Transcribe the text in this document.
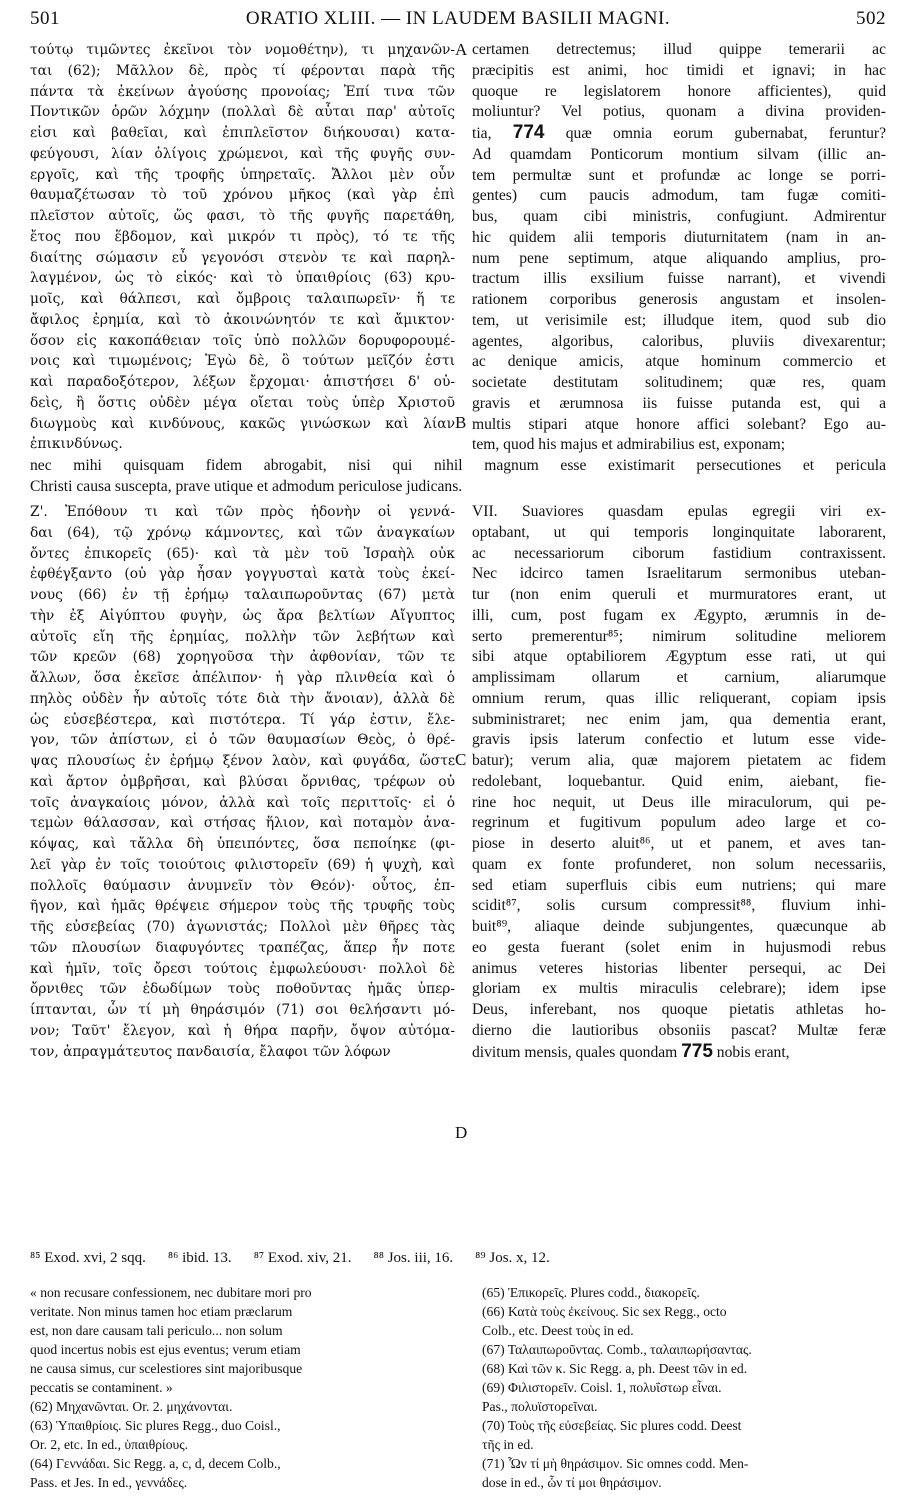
501	ORATIO XLIII. — IN LAUDEM BASILII MAGNI.	502
τούτῳ τιμῶντες ἐκεῖνοι τὸν νομοθέτην), τι μηχανῶν-
ται (62); Μᾶλλον δὲ, πρὸς τί φέρονται παρὰ τῆς
πάντα τὰ ἐκείνων ἀγούσης προνοίας; Ἐπί τινα τῶν
Ποντικῶν ὀρῶν λόχμην (πολλαὶ δὲ αὗται παρ' αὐτοῖς
εἰσι καὶ βαθεῖαι, καὶ ἐπιπλεῖστον διήκουσαι) κατα-
φεύγουσι, λίαν ὀλίγοις χρώμενοι, καὶ τῆς φυγῆς συν-
εργοῖς, καὶ τῆς τροφῆς ὑπηρεταῖς. Ἄλλοι μὲν οὖν
θαυμαζέτωσαν τὸ τοῦ χρόνου μῆκος (καὶ γὰρ ἐπὶ
πλεῖστον αὐτοῖς, ὥς φασι, τὸ τῆς φυγῆς παρετάθη,
ἔτος που ἕβδομον, καὶ μικρόν τι πρὸς), τό τε τῆς
διαίτης σώμασιν εὖ γεγονόσι στενὸν τε καὶ παρηλ-
λαγμένον, ὡς τὸ εἰκός· καὶ τὸ ὑπαιθρίοις (63) κρυ-
μοῖς, καὶ θάλπεσι, καὶ ὄμβροις ταλαιπωρεῖν· ἥ τε
ἄφιλος ἐρημία, καὶ τὸ ἀκοινώνητόν τε καὶ ἄμικτον·
ὅσον εἰς κακοπάθειαν τοῖς ὑπὸ πολλῶν δορυφορουμέ-
νοις καὶ τιμωμένοις; Ἐγὼ δὲ, ὃ τούτων μεῖζόν ἐστι
καὶ παραδοξότερον, λέξων ἔρχομαι· ἀπιστήσει δ' οὐ-
δεὶς, ἢ ὅστις οὐδὲν μέγα οἴεται τοὺς ὑπὲρ Χριστοῦ
διωγμοὺς καὶ κινδύνους, κακῶς γινώσκων καὶ λίαν
ἐπικινδύνως.
certamen detrectemus; illud quippe temerarii ac
præcipitis est animi, hoc timidi et ignavi; in hac
quoque re legislatorem honore afficientes), quid
moliuntur? Vel potius, quonam a divina providen-
tia, 774 quæ omnia eorum gubernabat, feruntur?
Ad quamdam Ponticorum montium silvam (illic an-
tem permultæ sunt et profundæ ac longe se porri-
gentes) cum paucis admodum, tam fugæ comiti-
bus, quam cibi ministris, confugiunt. Admirentur
hic quidem alii temporis diuturnitatem (nam in an-
num pene septimum, atque aliquando amplius, pro-
tractum illis exsilium fuisse narrant), et vivendi
rationem corporibus generosis angustam et insolen-
tem, ut verisimile est; illudque item, quod sub dio
agentes, algoribus, caloribus, pluviis divexarentur;
ac denique amicis, atque hominum commercio et
societate destitutam solitudinem; quæ res, quam
gravis et ærumnosa iis fuisse putanda est, qui a
multis stipari atque honore affici solebant? Ego au-
tem, quod his majus et admirabilius est, exponam;
A
B
nec mihi quisquam fidem abrogabit, nisi qui nihil magnum esse existimarit persecutiones et pericula
Christi causa suscepta, prave utique et admodum periculose judicans.
Ζ'. Ἐπόθουν τι καὶ τῶν πρὸς ἡδονὴν οἱ γεννά-
δαι (64), τῷ χρόνῳ κάμνοντες, καὶ τῶν ἀναγκαίων
ὄντες ἐπικορεῖς (65)· καὶ τὰ μὲν τοῦ Ἰσραὴλ οὐκ
ἐφθέγξαντο (οὐ γὰρ ἦσαν γογγυσταὶ κατὰ τοὺς ἐκεί-
νους (66) ἐν τῇ ἐρήμῳ ταλαιπωροῦντας (67) μετὰ
τὴν ἐξ Αἰγύπτου φυγὴν, ὡς ἄρα βελτίων Αἴγυπτος
αὐτοῖς εἴη τῆς ἐρημίας, πολλὴν τῶν λεβήτων καὶ
τῶν κρεῶν (68) χορηγοῦσα τὴν ἀφθονίαν, τῶν τε
ἄλλων, ὅσα ἐκεῖσε ἀπέλιπον· ἡ γὰρ πλινθεία καὶ ὁ
πηλὸς οὐδὲν ἦν αὐτοῖς τότε διὰ τὴν ἄνοιαν), ἀλλὰ δὲ
ὡς εὐσεβέστερα, καὶ πιστότερα. Τί γάρ ἐστιν, ἔλε-
γον, τῶν ἀπίστων, εἰ ὁ τῶν θαυμασίων Θεὸς, ὁ θρέ-
ψας πλουσίως ἐν ἐρήμῳ ξένον λαὸν, καὶ φυγάδα, ὥστε
καὶ ἄρτον ὀμβρῆσαι, καὶ βλύσαι ὄρνιθας, τρέφων οὐ
τοῖς ἀναγκαίοις μόνον, ἀλλὰ καὶ τοῖς περιττοῖς· εἰ ὁ
τεμὼν θάλασσαν, καὶ στήσας ἥλιον, καὶ ποταμὸν ἀνα-
κόψας, καὶ τἄλλα δὴ ὑπειπόντες, ὅσα πεποίηκε (φι-
λεῖ γὰρ ἐν τοῖς τοιούτοις φιλιστορεῖν (69) ἡ ψυχὴ, καὶ
πολλοῖς θαύμασιν ἀνυμνεῖν τὸν Θεόν)· οὗτος, ἐπ-
ῆγον, καὶ ἡμᾶς θρέψειε σήμερον τοὺς τῆς τρυφῆς τοὺς
τῆς εὐσεβείας (70) ἀγωνιστάς; Πολλοὶ μὲν θῆρες τὰς
τῶν πλουσίων διαφυγόντες τραπέζας, ἅπερ ἦν ποτε
καὶ ἡμῖν, τοῖς ὄρεσι τούτοις ἐμφωλεύουσι· πολλοὶ δὲ
ὄρνιθες τῶν ἐδωδίμων τοὺς ποθοῦντας ἡμᾶς ὑπερ-
ίπτανται, ὧν τί μὴ θηράσιμόν (71) σοι θελήσαντι μό-
νον; Ταῦτ' ἔλεγον, καὶ ἡ θήρα παρῆν, ὄψον αὐτόμα-
τον, ἀπραγμάτευτος πανδαισία, ἔλαφοι τῶν λόφων
VII. Suaviores quasdam epulas egregii viri ex-
optabant, ut qui temporis longinquitate laborarent,
ac necessariorum ciborum fastidium contraxissent.
Nec idcirco tamen Israelitarum sermonibus uteban-
tur (non enim queruli et murmuratores erant, ut
illi, cum, post fugam ex Ægypto, ærumnis in de-
serto premerentur⁸⁵; nimirum solitudine meliorem
sibi atque optabiliorem Ægyptum esse rati, ut qui
amplissimam ollarum et carnium, aliarumque
omnium rerum, quas illic reliquerant, copiam ipsis
subministraret; nec enim jam, qua dementia erant,
gravis ipsis laterum confectio et lutum esse vide-
batur); verum alia, quæ majorem pietatem ac fidem
redolebant, loquebantur. Quid enim, aiebant, fie-
rine hoc nequit, ut Deus ille miraculorum, qui pe-
regrinum et fugitivum populum adeo large et co-
piose in deserto aluit⁸⁶, ut et panem, et aves tan-
quam ex fonte profunderet, non solum necessariis,
sed etiam superfluis cibis eum nutriens; qui mare
scidit⁸⁷, solis cursum compressit⁸⁸, fluvium inhi-
buit⁸⁹, aliaque deinde subjungentes, quæcunque ab
eo gesta fuerant (solet enim in hujusmodi rebus
animus veteres historias libenter persequi, ac Dei
gloriam ex multis miraculis celebrare); idem ipse
Deus, inferebant, nos quoque pietatis athletas ho-
dierno die lautioribus obsoniis pascat? Multæ feræ
divitum mensis, quales quondam 775 nobis erant,
C
D
⁸⁵ Exod. xvi, 2 sqq. ⁸⁶ ibid. 13. ⁸⁷ Exod. xiv, 21. ⁸⁸ Jos. iii, 16. ⁸⁹ Jos. x, 12.
« non recusare confessionem, nec dubitare mori pro
veritate. Non minus tamen hoc etiam præclarum
est, non dare causam tali periculo... non solum
quod incertus nobis est ejus eventus; verum etiam
ne causa simus, cur scelestiores sint majoribusque
peccatis se contaminent. »
(62) Μηχανῶνται. Or. 2. μηχάνονται.
(63) Ὑπαιθρίοις. Sic plures Regg., duo Coisl.,
Or. 2, etc. In ed., ὑπαιθρίους.
(64) Γεννάδαι. Sic Regg. a, c, d, decem Colb.,
Pass. et Jes. In ed., γεννάδες.
(65) Ἐπικορεῖς. Plures codd., διακορεῖς.
(66) Κατὰ τοὺς ἐκείνους. Sic sex Regg., octo
Colb., etc. Deest τοὺς in ed.
(67) Ταλαιπωροῦντας. Comb., ταλαιπωρήσαντας.
(68) Καὶ τῶν κ. Sic Regg. a, ph. Deest τῶν in ed.
(69) Φιλιστορεῖν. Coisl. 1, πολυΐστωρ εἶναι.
Pas., πολυϊστορεῖναι.
(70) Τοὺς τῆς εὐσεβείας. Sic plures codd. Deest
τῆς in ed.
(71) Ὧν τί μὴ θηράσιμον. Sic omnes codd. Men-
dose in ed., ὧν τί μοι θηράσιμον.
